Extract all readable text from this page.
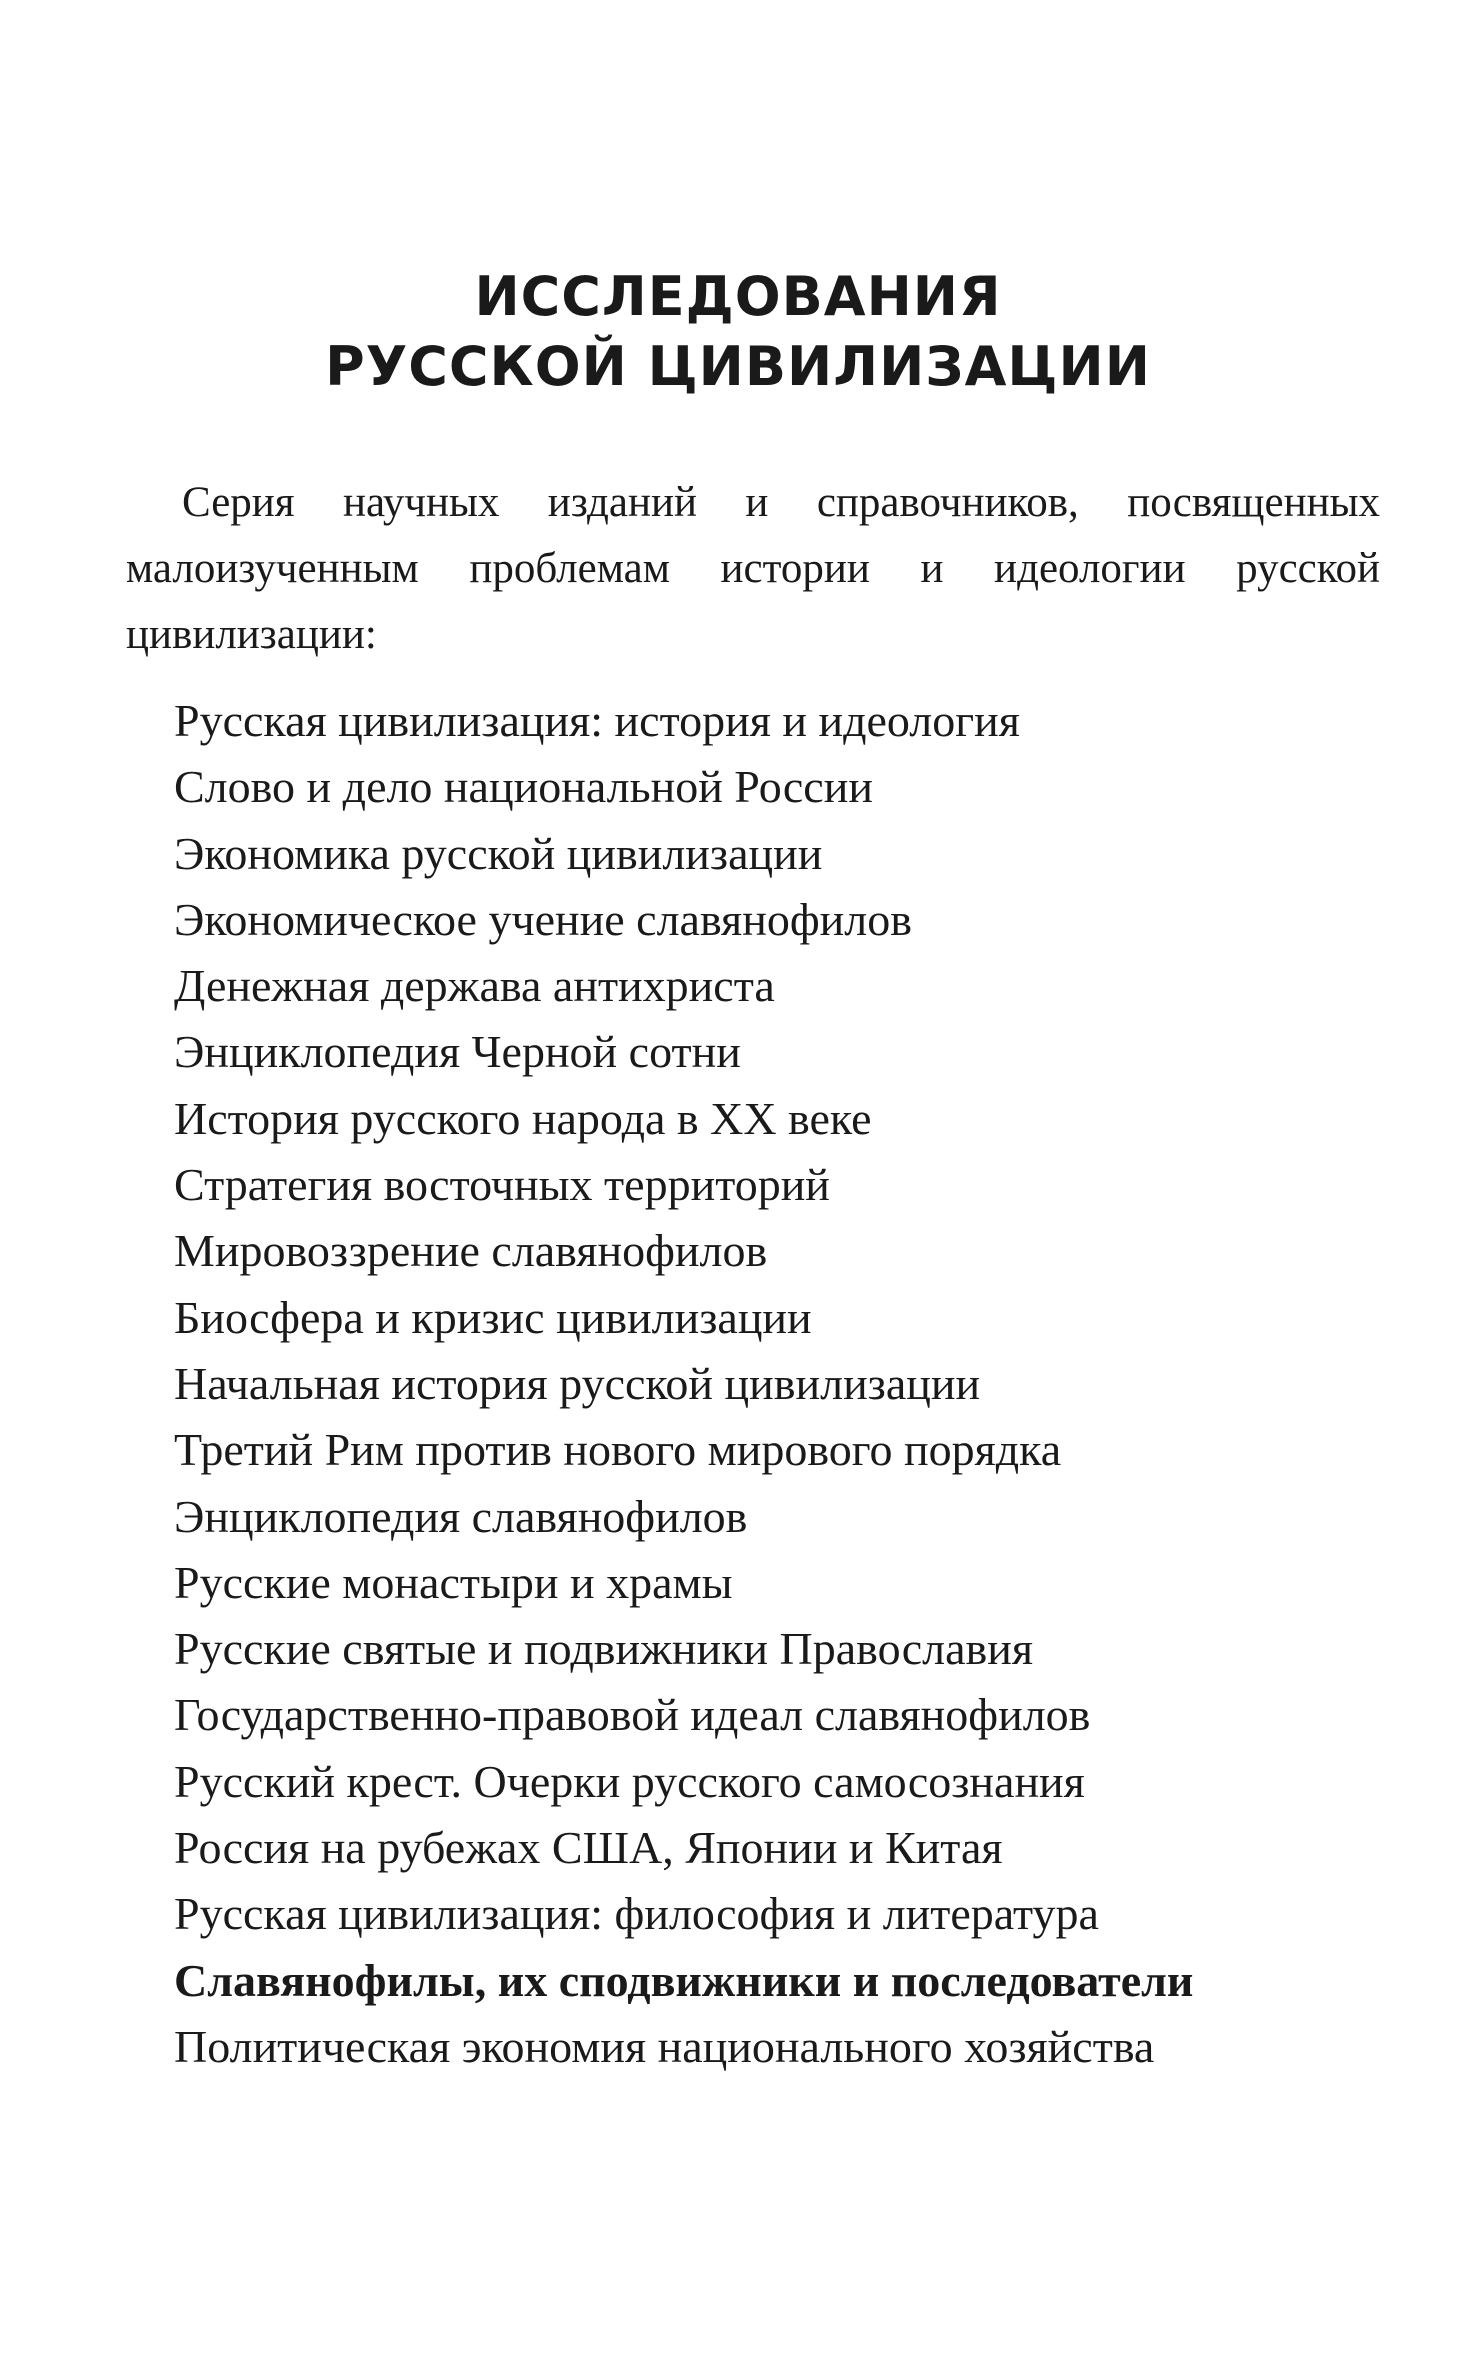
ИССЛЕДОВАНИЯ
РУССКОЙ ЦИВИЛИЗАЦИИ

Серия научных изданий и справочников, посвященных малоизученным проблемам истории и идеологии русской цивилизации:

Русская цивилизация: история и идеология
Слово и дело национальной России
Экономика русской цивилизации
Экономическое учение славянофилов
Денежная держава антихриста
Энциклопедия Черной сотни
История русского народа в XX веке
Стратегия восточных территорий
Мировоззрение славянофилов
Биосфера и кризис цивилизации
Начальная история русской цивилизации
Третий Рим против нового мирового порядка
Энциклопедия славянофилов
Русские монастыри и храмы
Русские святые и подвижники Православия
Государственно-правовой идеал славянофилов
Русский крест. Очерки русского самосознания
Россия на рубежах США, Японии и Китая
Русская цивилизация: философия и литература
Славянофилы, их сподвижники и последователи
Политическая экономия национального хозяйства
